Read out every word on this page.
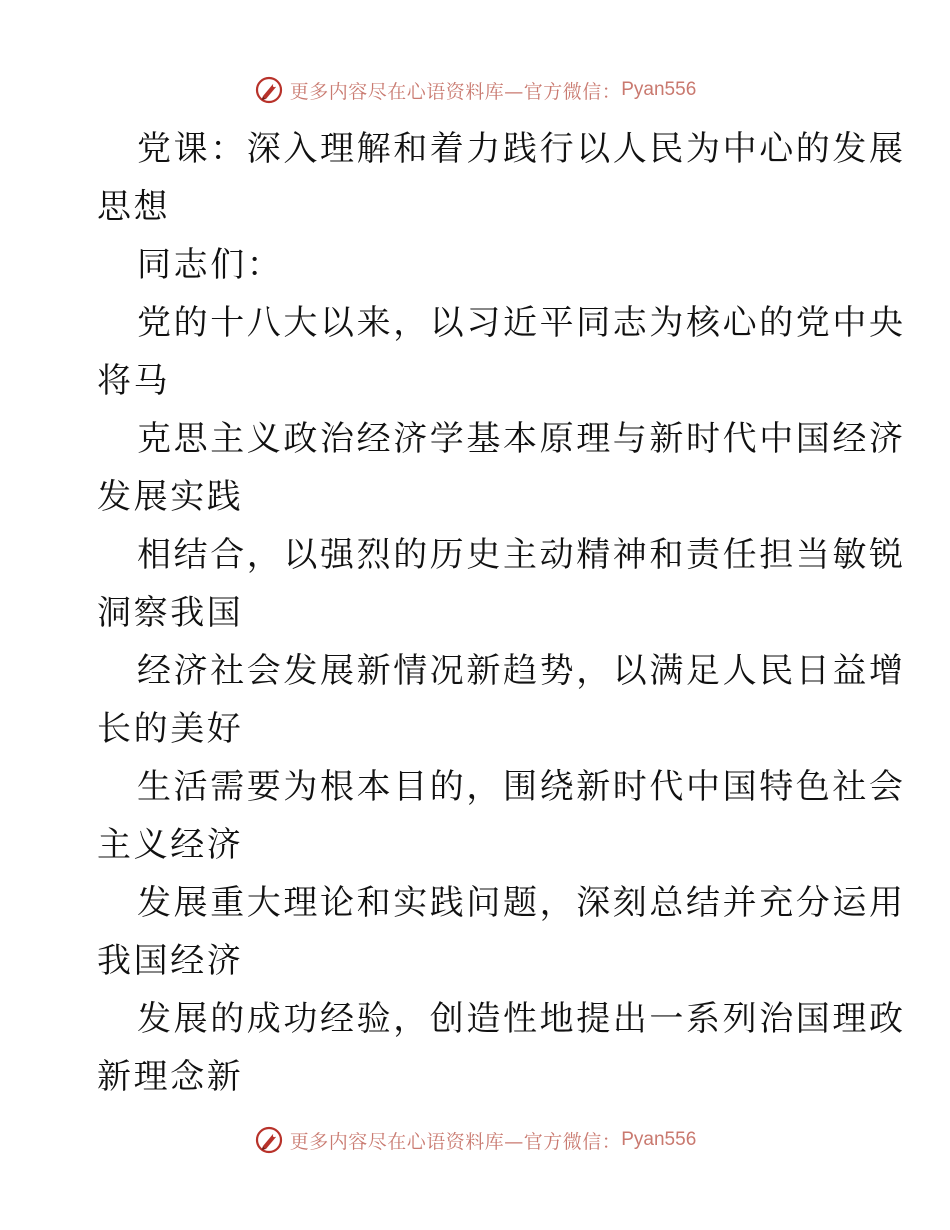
更多内容尽在心语资料库—官方微信： Pyan556
党课：深入理解和着力践行以人民为中心的发展
思想
同志们：
党的十八大以来，以习近平同志为核心的党中央
将马
克思主义政治经济学基本原理与新时代中国经济
发展实践
相结合，以强烈的历史主动精神和责任担当敏锐
洞察我国
经济社会发展新情况新趋势，以满足人民日益增
长的美好
生活需要为根本目的，围绕新时代中国特色社会
主义经济
发展重大理论和实践问题，深刻总结并充分运用
我国经济
发展的成功经验，创造性地提出一系列治国理政
新理念新
更多内容尽在心语资料库—官方微信： Pyan556
